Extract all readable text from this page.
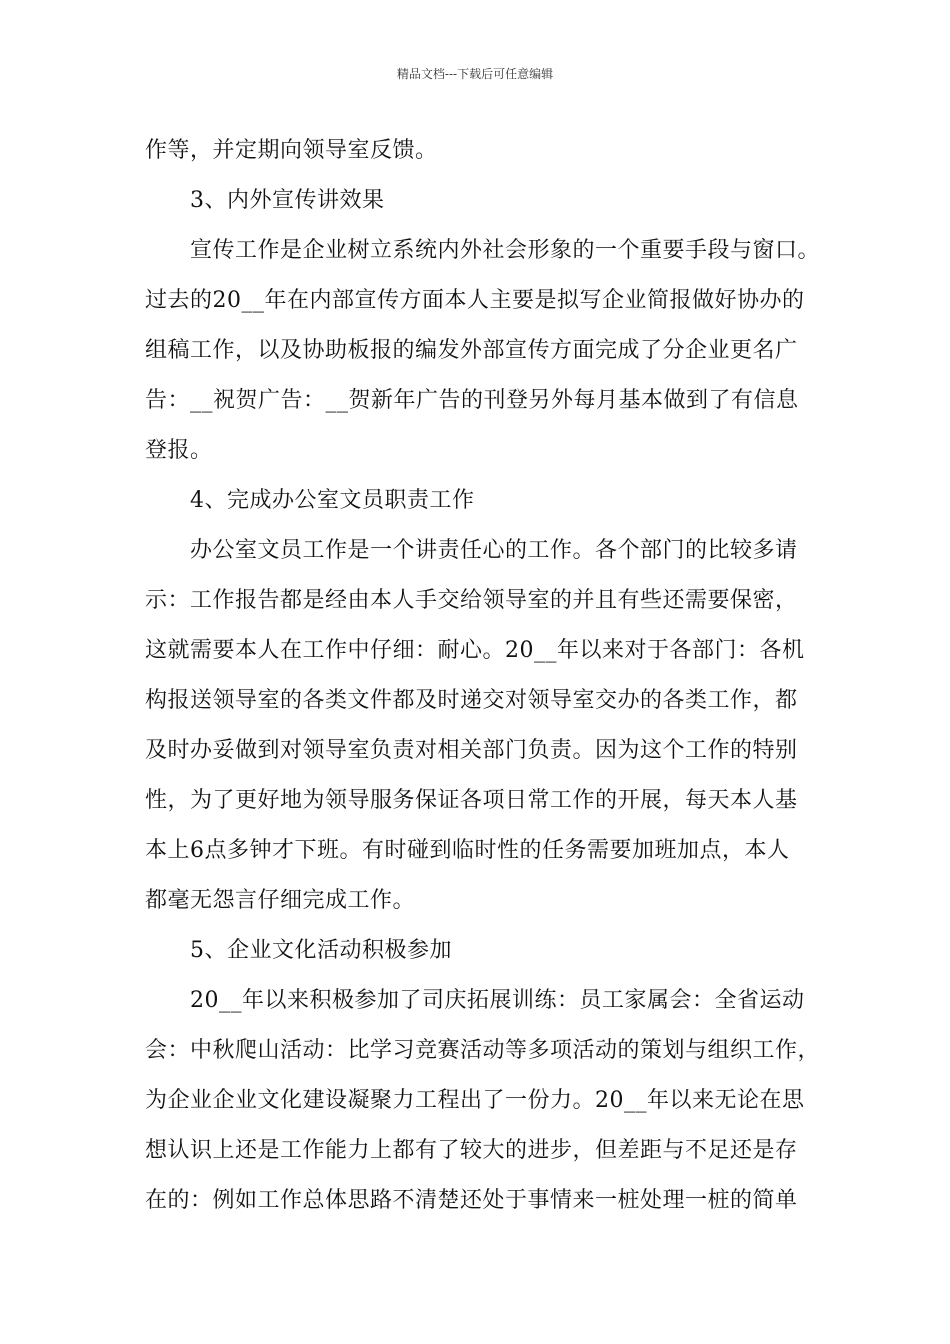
精品文档---下载后可任意编辑
作等，并定期向领导室反馈。
3、内外宣传讲效果
宣传工作是企业树立系统内外社会形象的一个重要手段与窗口。
过去的20__年在内部宣传方面本人主要是拟写企业简报做好协办的
组稿工作，以及协助板报的编发外部宣传方面完成了分企业更名广
告：__祝贺广告：__贺新年广告的刊登另外每月基本做到了有信息
登报。
4、完成办公室文员职责工作
办公室文员工作是一个讲责任心的工作。各个部门的比较多请
示：工作报告都是经由本人手交给领导室的并且有些还需要保密，
这就需要本人在工作中仔细：耐心。20__年以来对于各部门：各机
构报送领导室的各类文件都及时递交对领导室交办的各类工作，都
及时办妥做到对领导室负责对相关部门负责。因为这个工作的特别
性，为了更好地为领导服务保证各项日常工作的开展，每天本人基
本上6点多钟才下班。有时碰到临时性的任务需要加班加点，本人
都毫无怨言仔细完成工作。
5、企业文化活动积极参加
20__年以来积极参加了司庆拓展训练：员工家属会：全省运动
会：中秋爬山活动：比学习竞赛活动等多项活动的策划与组织工作，
为企业企业文化建设凝聚力工程出了一份力。20__年以来无论在思
想认识上还是工作能力上都有了较大的进步，但差距与不足还是存
在的：例如工作总体思路不清楚还处于事情来一桩处理一桩的简单
